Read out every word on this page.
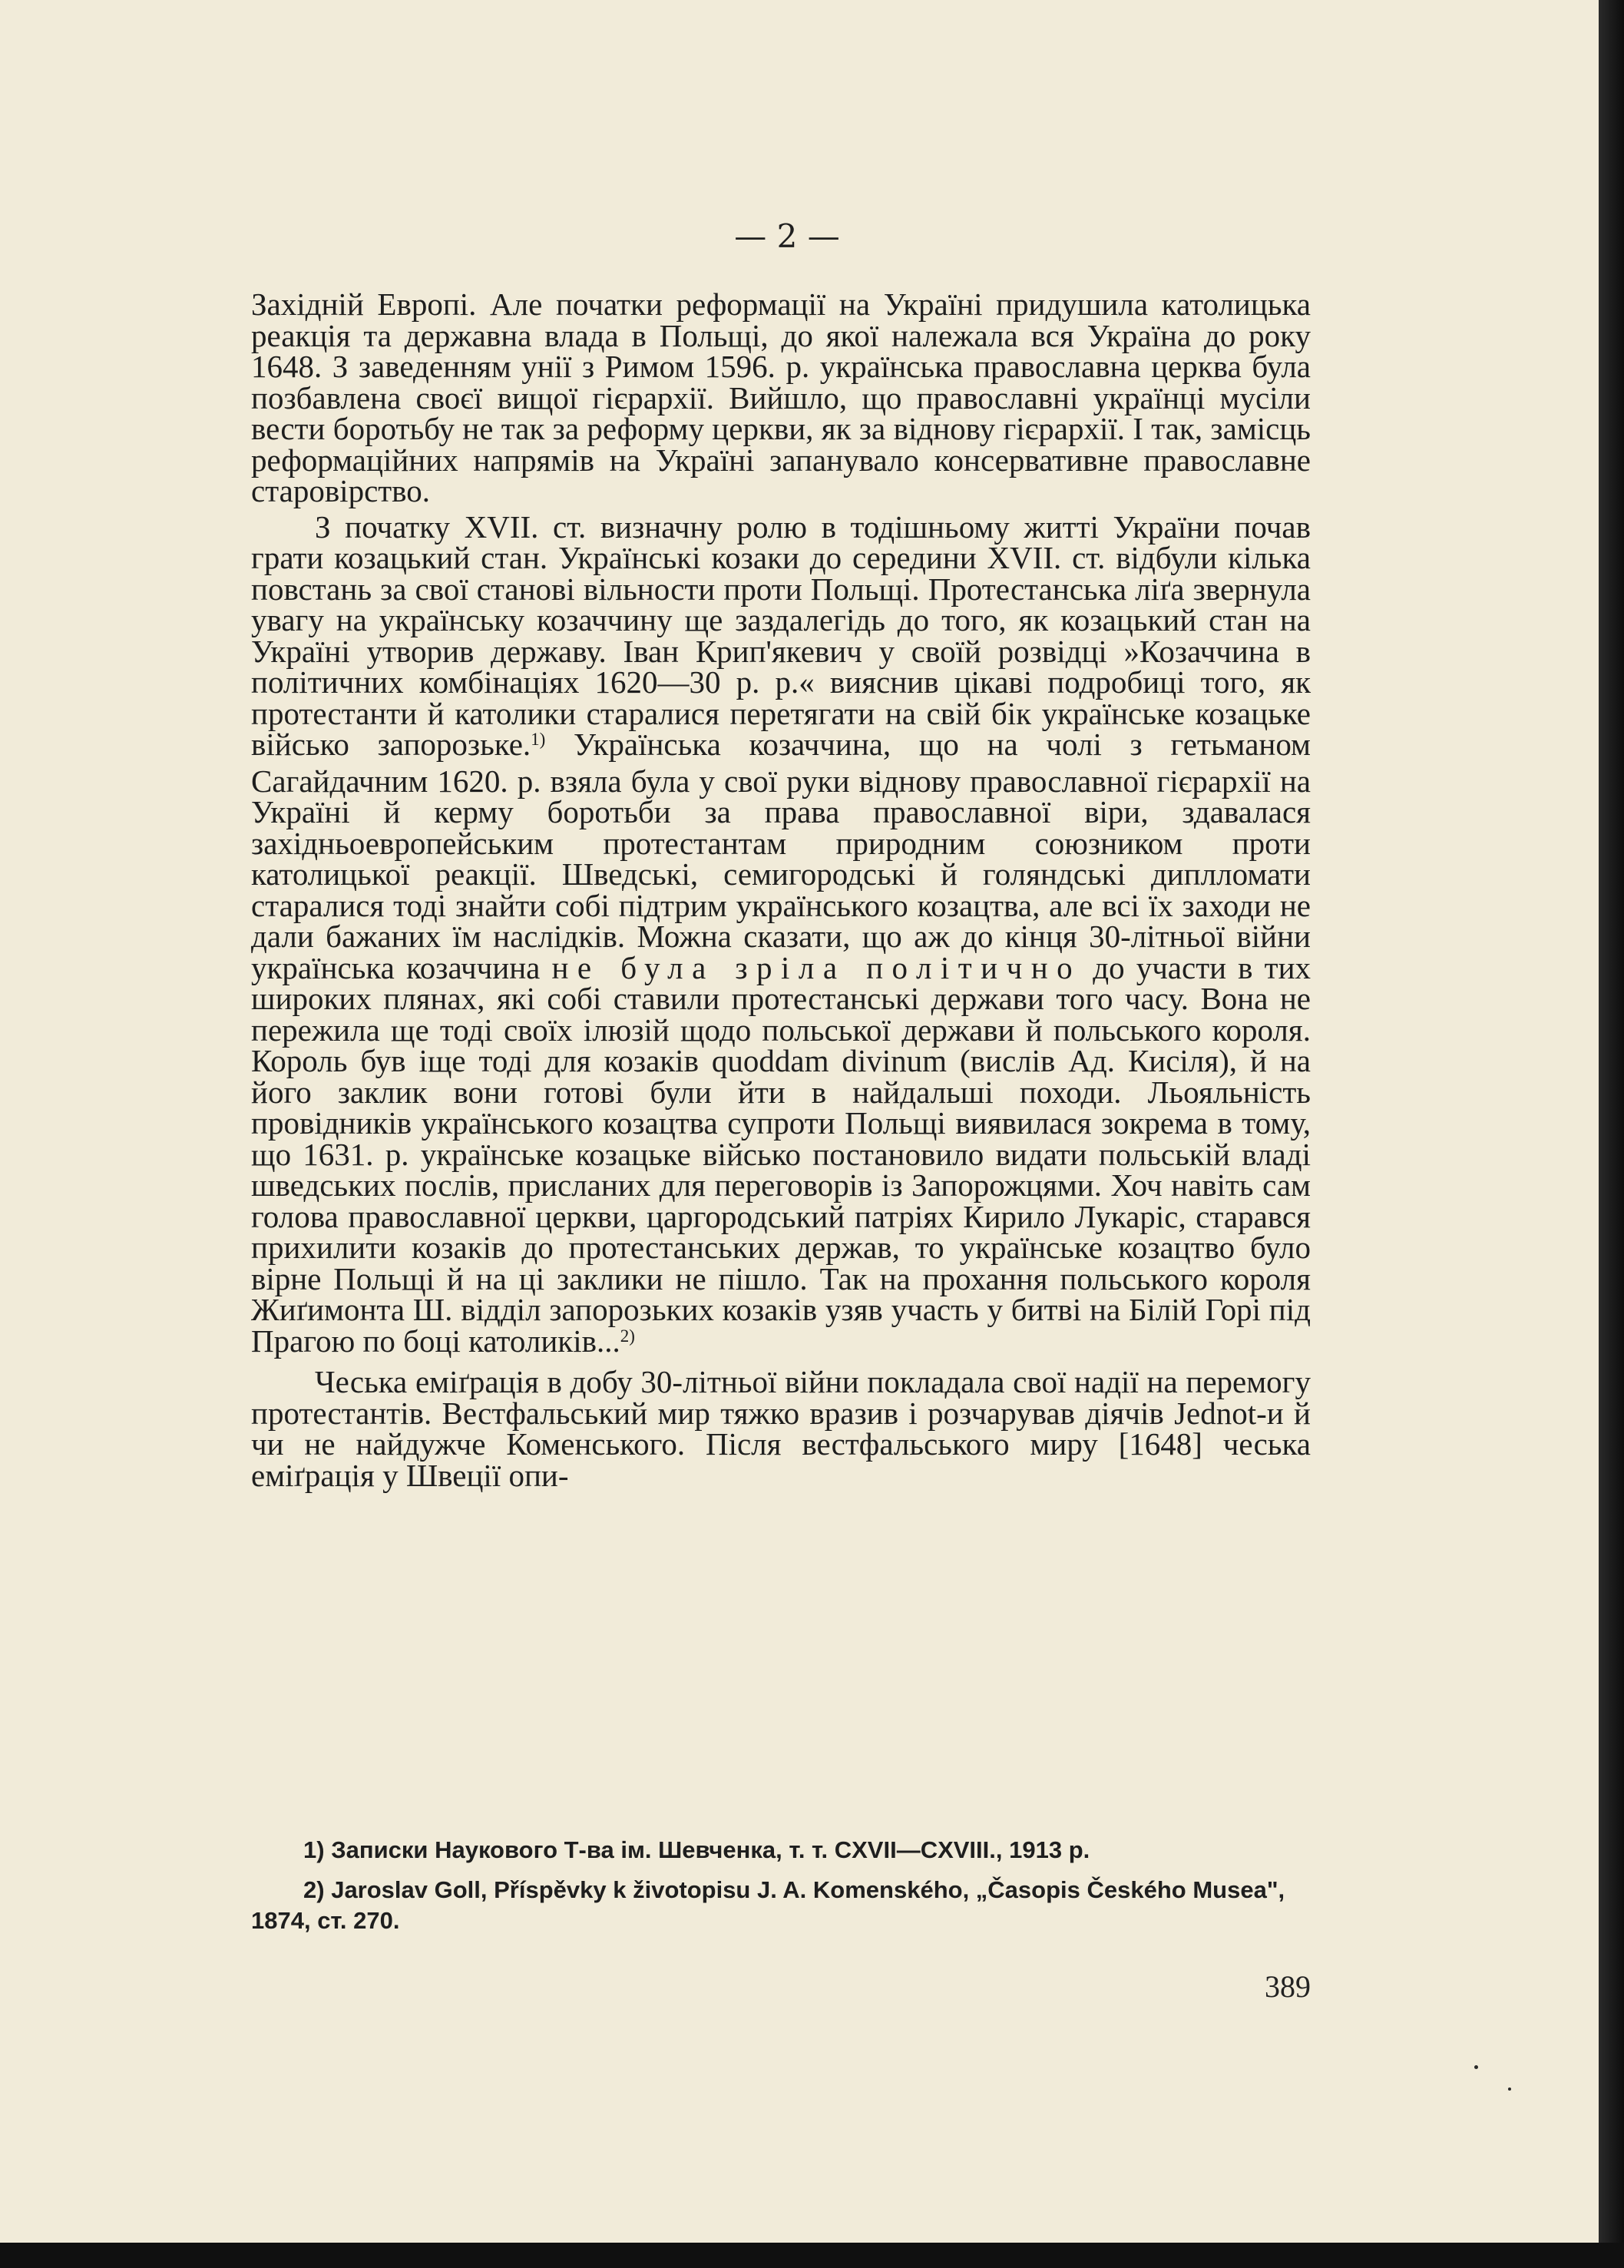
— 2 —

Західній Европі. Але початки реформації на Україні придушила католицька реакція та державна влада в Польщі, до якої належала вся Україна до року 1648. З заведенням унії з Римом 1596. р. українська православна церква була позбавлена своєї вищої гієрархії. Вийшло, що православні українці мусіли вести боротьбу не так за реформу церкви, як за віднову гієрархії. І так, замісць реформаційних напрямів на Україні запанувало консервативне православне старовірство.

З початку XVII. ст. визначну ролю в тодішньому житті України почав грати козацький стан. Українські козаки до середини XVII. ст. відбули кілька повстань за свої станові вільности проти Польщі. Протестанська ліґа звернула увагу на українську козаччину ще заздалегідь до того, як козацький стан на Україні утворив державу. Іван Крип'якевич у своїй розвідці »Козаччина в політичних комбінаціях 1620—30 р. р.« вияснив цікаві подробиці того, як протестанти й католики старалися перетягати на свій бік українське козацьке військо запорозьке.$^{1)}$ Українська козаччина, що на чолі з гетьманом Сагайдачним 1620. р. взяла була у свої руки віднову православної гієрархії на Україні й керму боротьби за права православної віри, здавалася західньоевропейським протестантам природним союзником проти католицької реакції. Шведські, семигородські й голяндські диплломати старалися тоді знайти собі підтрим українського козацтва, але всі їх заходи не дали бажаних їм наслідків. Можна сказати, що аж до кінця 30-літньої війни українська козаччина не була зріла політично до участи в тих широких плянах, які собі ставили протестанські держави того часу. Вона не пережила ще тоді своїх ілюзій щодо польської держави й польського короля. Король був іще тоді для козаків quoddam divinum (вислів Ад. Кисіля), й на його заклик вони готові були йти в найдальші походи. Льояльність провідників українського козацтва супроти Польщі виявилася зокрема в тому, що 1631. р. українське козацьке військо постановило видати польській владі шведських послів, присланих для переговорів із Запорожцями. Хоч навіть сам голова православної церкви, царгородський патріях Кирило Лукаріс, старався прихилити козаків до протестанських держав, то українське козацтво було вірне Польщі й на ці заклики не пішло. Так на прохання польського короля Жиґимонта Ш. відділ запорозьких козаків узяв участь у битві на Білій Горі під Прагою по боці католиків...$^{2)}$

Чеська еміґрація в добу 30-літньої війни покладала свої надії на перемогу протестантів. Вестфальський мир тяжко вразив і розчарував діячів Jednot-и й чи не найдужче Коменського. Після вестфальського миру [1648] чеська еміґрація у Швеції опи-

1) Записки Наукового Т-ва ім. Шевченка, т. т. CXVII—CXVIII., 1913 р.

2) Jaroslav Goll, Příspěvky k životopisu J. A. Komenského, „Časopis Českého Musea", 1874, ст. 270.

389
